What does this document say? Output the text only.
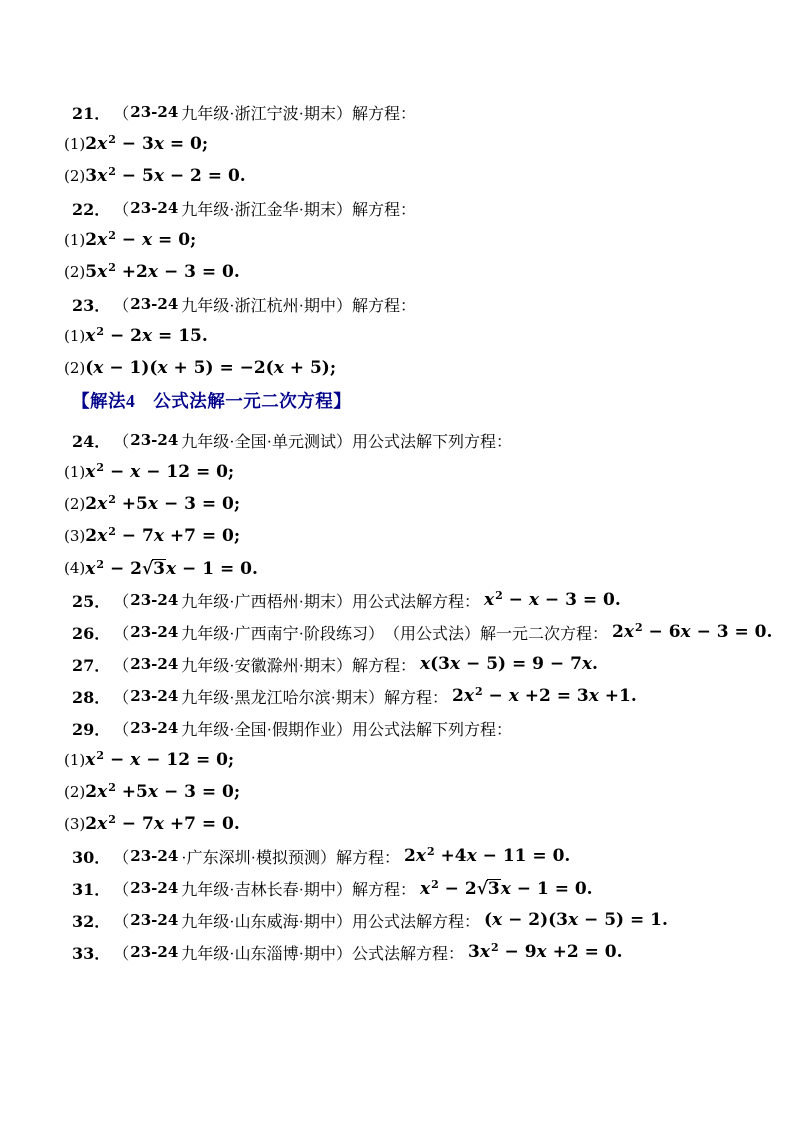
21． （ 23-24 九年级·浙江宁波·期末） 解方程：
(1) $2x^2 - 3x = 0$;
(2) $3x^2 - 5x - 2 = 0$.
22． （ 23-24 九年级·浙江金华·期末） 解方程：
(1) $2x^2 - x = 0$;
(2) $5x^2 +2x - 3 = 0$.
23． （ 23-24 九年级·浙江杭州·期中） 解方程：
(1) $x^2 - 2x = 15$.
(2) (x − 1)(x + 5) = −2(x + 5);
【解法4　公式法解一元二次方程】
24． （ 23-24 九年级·全国·单元测试） 用公式法解下列方程：
(1) $x^2 - x - 12 = 0$;
(2) $2x^2 +5x - 3 = 0$;
(3) $2x^2 - 7x +7 = 0$;
(4) $x^2 - 2√3x - 1 = 0$.
25． （ 23-24 九年级·广西梧州·期末） 用公式法解方程： $x^2 - x - 3 = 0$.
26． （ 23-24 九年级·广西南宁·阶段练习） （用公式法）解一元二次方程： $2x^2 - 6x - 3 = 0$.
27． （ 23-24 九年级·安徽滁州·期末） 解方程： x(3x − 5) = 9 − 7x.
28． （ 23-24 九年级·黑龙江哈尔滨·期末） 解方程： $2x^2 - x +2 = 3x +1$.
29． （ 23-24 九年级·全国·假期作业） 用公式法解下列方程：
(1) $x^2 - x - 12 = 0$;
(2) $2x^2 +5x - 3 = 0$;
(3) $2x^2 - 7x +7 = 0$.
30． （ 23-24 ·广东深圳·模拟预测） 解方程： $2x^2 +4x - 11 = 0$.
31． （ 23-24 九年级·吉林长春·期中） 解方程： $x^2 - 2√3x - 1 = 0$.
32． （ 23-24 九年级·山东威海·期中） 用公式法解方程： (x − 2)(3x − 5) = 1.
33． （ 23-24 九年级·山东淄博·期中） 公式法解方程： $3x^2 - 9x +2 = 0$.
